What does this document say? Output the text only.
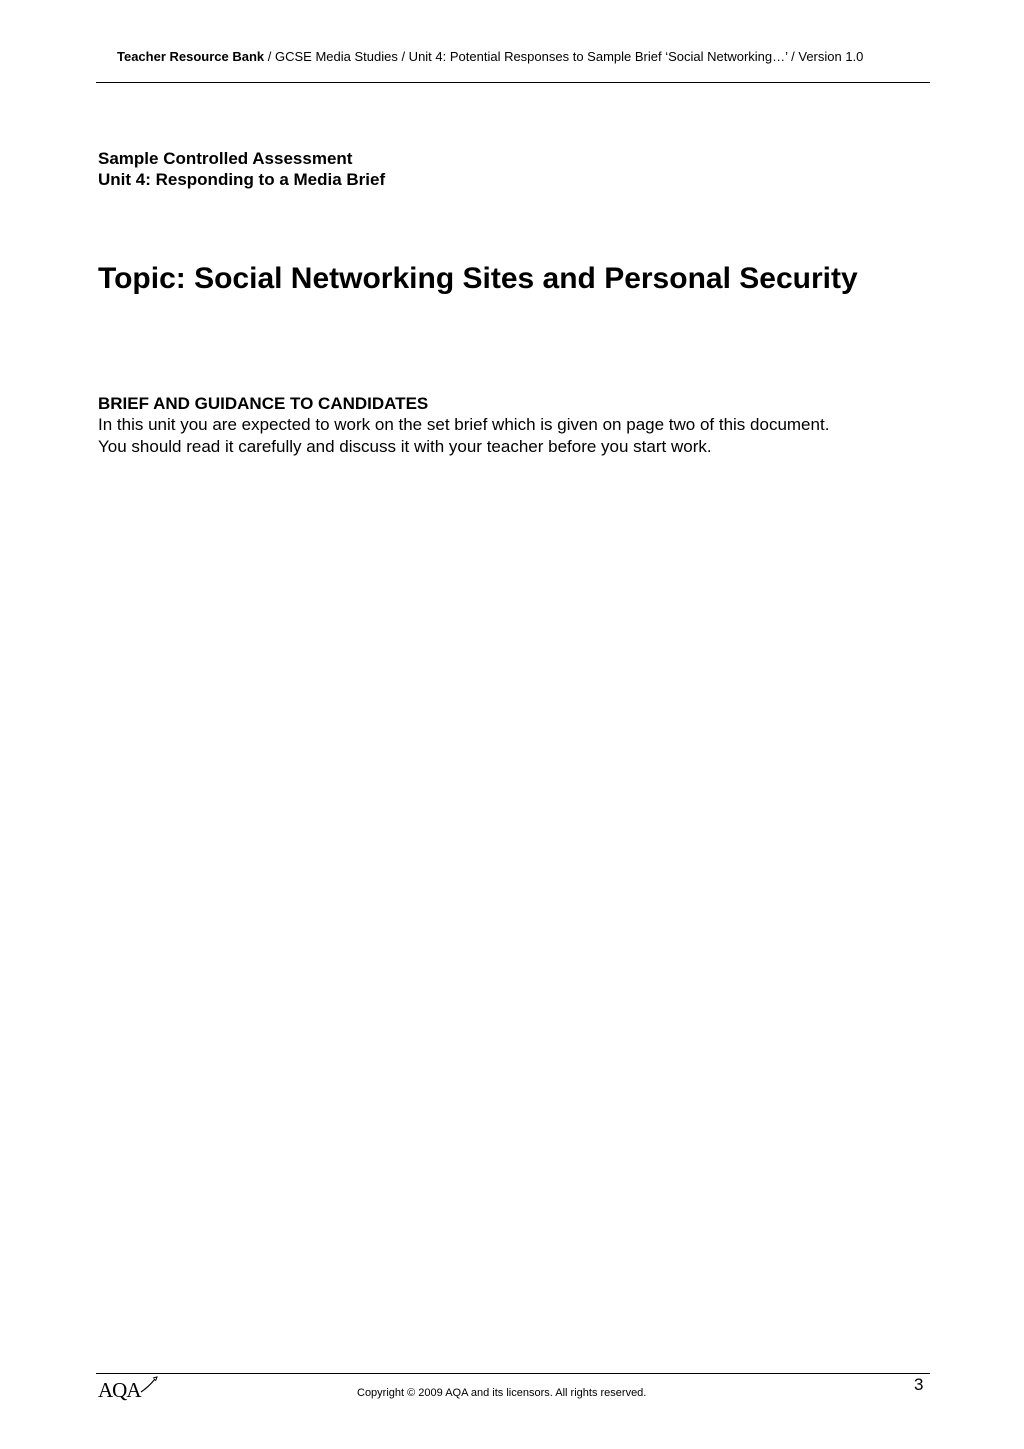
Teacher Resource Bank / GCSE Media Studies / Unit 4: Potential Responses to Sample Brief ‘Social Networking…’ / Version 1.0
Sample Controlled Assessment
Unit 4: Responding to a Media Brief
Topic: Social Networking Sites and Personal Security
BRIEF AND GUIDANCE TO CANDIDATES
In this unit you are expected to work on the set brief which is given on page two of this document.
You should read it carefully and discuss it with your teacher before you start work.
AQA	Copyright © 2009 AQA and its licensors. All rights reserved.	3
